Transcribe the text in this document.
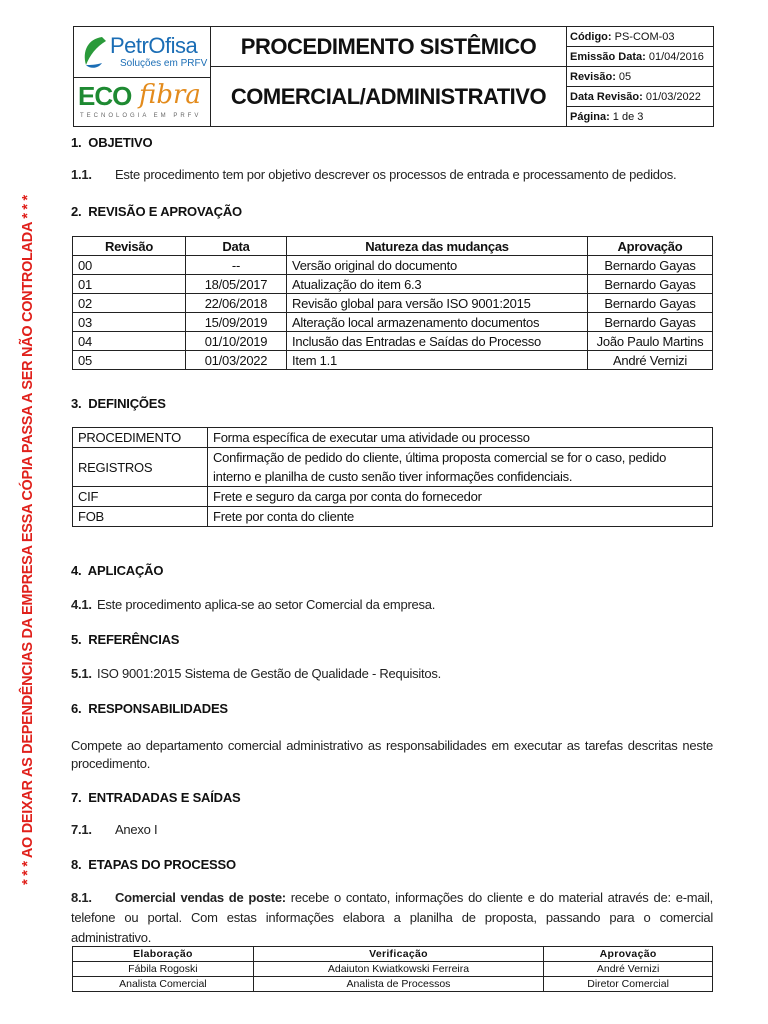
* * * AO DEIXAR AS DEPENDÊNCIAS DA EMPRESA ESSA CÓPIA PASSA A SER NÃO CONTROLADA * * *
PetrOfisa
Soluções em PRFV
ECO fibra
TECNOLOGIA EM PRFV	PROCEDIMENTO SISTÊMICO	Código: PS-COM-03
		Emissão Data: 01/04/2016
	COMERCIAL/ADMINISTRATIVO	Revisão: 05
		Data Revisão: 01/03/2022
		Página: 1 de 3
1. OBJETIVO
1.1. Este procedimento tem por objetivo descrever os processos de entrada e processamento de pedidos.
2. REVISÃO E APROVAÇÃO
Revisão	Data	Natureza das mudanças	Aprovação
00	--	Versão original do documento	Bernardo Gayas
01	18/05/2017	Atualização do item 6.3	Bernardo Gayas
02	22/06/2018	Revisão global para versão ISO 9001:2015	Bernardo Gayas
03	15/09/2019	Alteração local armazenamento documentos	Bernardo Gayas
04	01/10/2019	Inclusão das Entradas e Saídas do Processo	João Paulo Martins
05	01/03/2022	Item 1.1	André Vernizi
3. DEFINIÇÕES
PROCEDIMENTO	Forma específica de executar uma atividade ou processo
REGISTROS	Confirmação de pedido do cliente, última proposta comercial se for o caso, pedido interno e planilha de custo senão tiver informações confidenciais.
CIF	Frete e seguro da carga por conta do fornecedor
FOB	Frete por conta do cliente
4. APLICAÇÃO
4.1. Este procedimento aplica-se ao setor Comercial da empresa.
5. REFERÊNCIAS
5.1. ISO 9001:2015 Sistema de Gestão de Qualidade - Requisitos.
6. RESPONSABILIDADES
Compete ao departamento comercial administrativo as responsabilidades em executar as tarefas descritas neste procedimento.
7. ENTRADADAS E SAÍDAS
7.1. Anexo I
8. ETAPAS DO PROCESSO
8.1. Comercial vendas de poste: recebe o contato, informações do cliente e do material através de: e-mail, telefone ou portal. Com estas informações elabora a planilha de proposta, passando para o comercial administrativo.
Elaboração	Verificação	Aprovação
Fábila Rogoski	Adaiuton Kwiatkowski Ferreira	André Vernizi
Analista Comercial	Analista de Processos	Diretor Comercial
